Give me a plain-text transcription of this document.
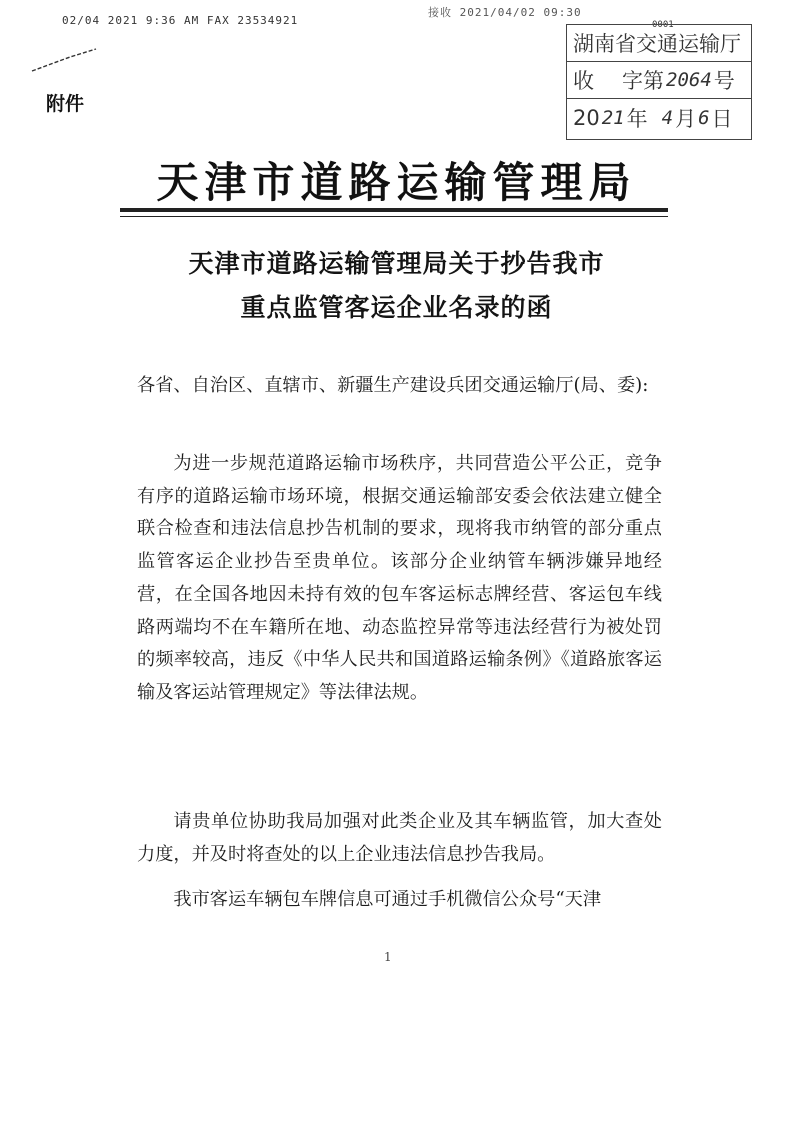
02/04 2021 9:36 AM FAX 23534921
接收 2021/04/02 09:30
0001
附件
湖南省交通运输厅
收 字第 2064 号
20 21 年 4 月 6 日
天津市道路运输管理局
天津市道路运输管理局关于抄告我市
重点监管客运企业名录的函
各省、自治区、直辖市、新疆生产建设兵团交通运输厅(局、委):
为进一步规范道路运输市场秩序，共同营造公平公正，竞争有序的道路运输市场环境，根据交通运输部安委会依法建立健全联合检查和违法信息抄告机制的要求，现将我市纳管的部分重点监管客运企业抄告至贵单位。该部分企业纳管车辆涉嫌异地经营，在全国各地因未持有效的包车客运标志牌经营、客运包车线路两端均不在车籍所在地、动态监控异常等违法经营行为被处罚的频率较高，违反《中华人民共和国道路运输条例》《道路旅客运输及客运站管理规定》等法律法规。
请贵单位协助我局加强对此类企业及其车辆监管，加大查处力度，并及时将查处的以上企业违法信息抄告我局。
我市客运车辆包车牌信息可通过手机微信公众号“天津
1
